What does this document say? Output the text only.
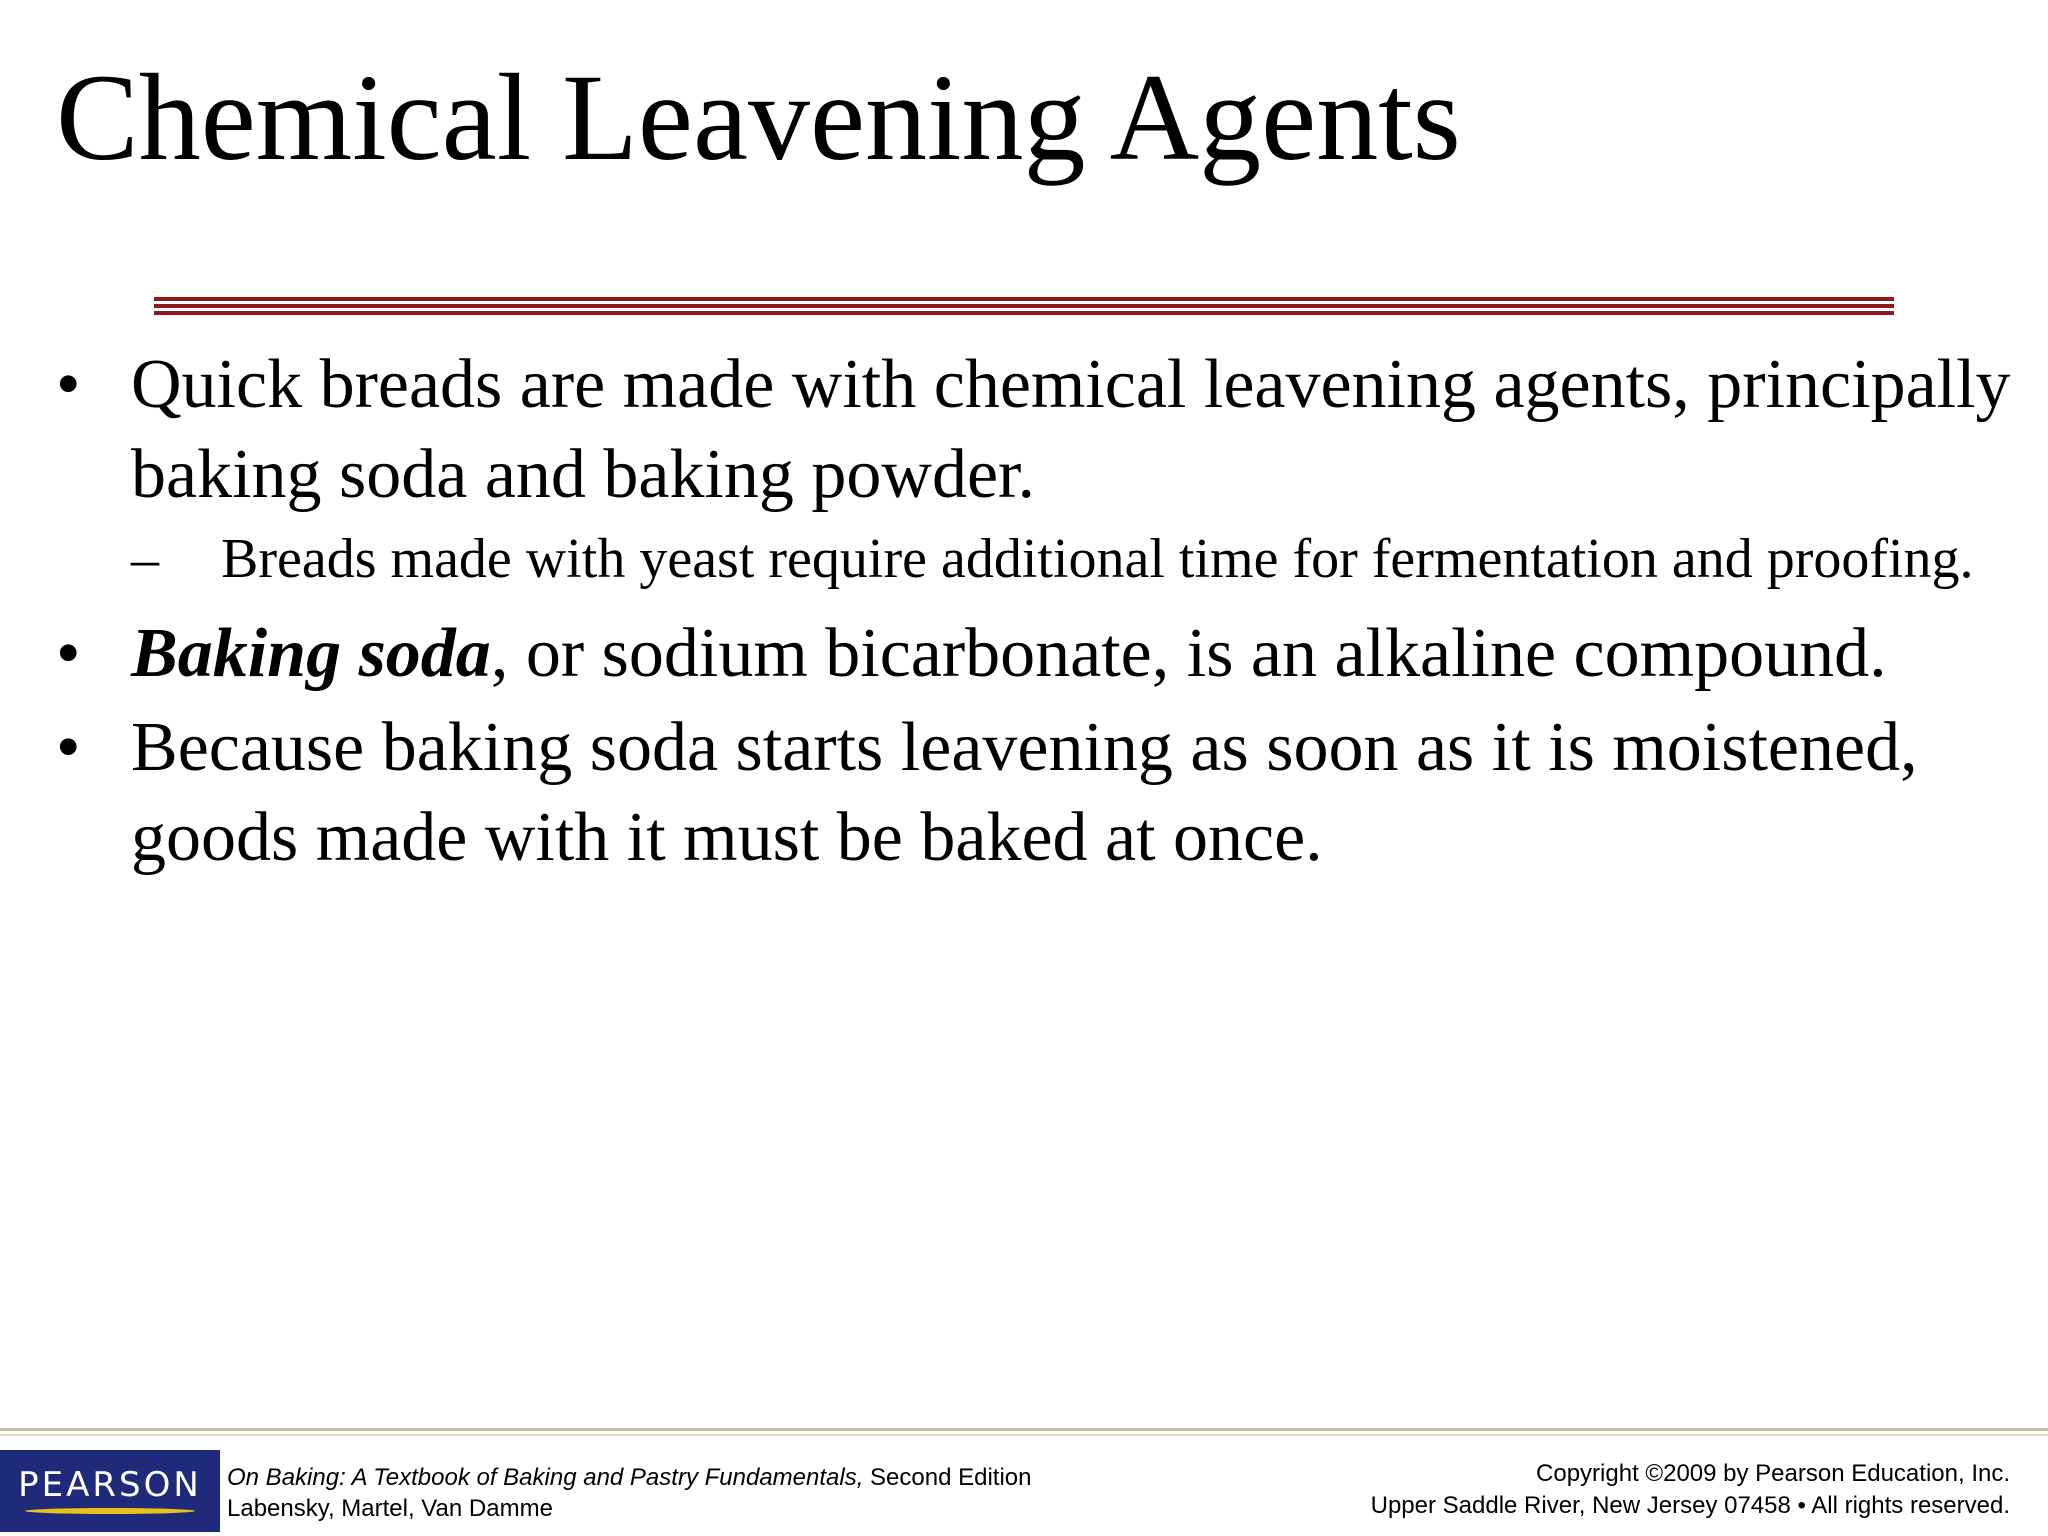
Chemical Leavening Agents
• Quick breads are made with chemical leavening agents, principally baking soda and baking powder.
– Breads made with yeast require additional time for fermentation and proofing.
• Baking soda, or sodium bicarbonate, is an alkaline compound.
• Because baking soda starts leavening as soon as it is moistened, goods made with it must be baked at once.
PEARSON On Baking: A Textbook of Baking and Pastry Fundamentals, Second Edition
Labensky, Martel, Van Damme
Copyright ©2009 by Pearson Education, Inc.
Upper Saddle River, New Jersey 07458 • All rights reserved.
